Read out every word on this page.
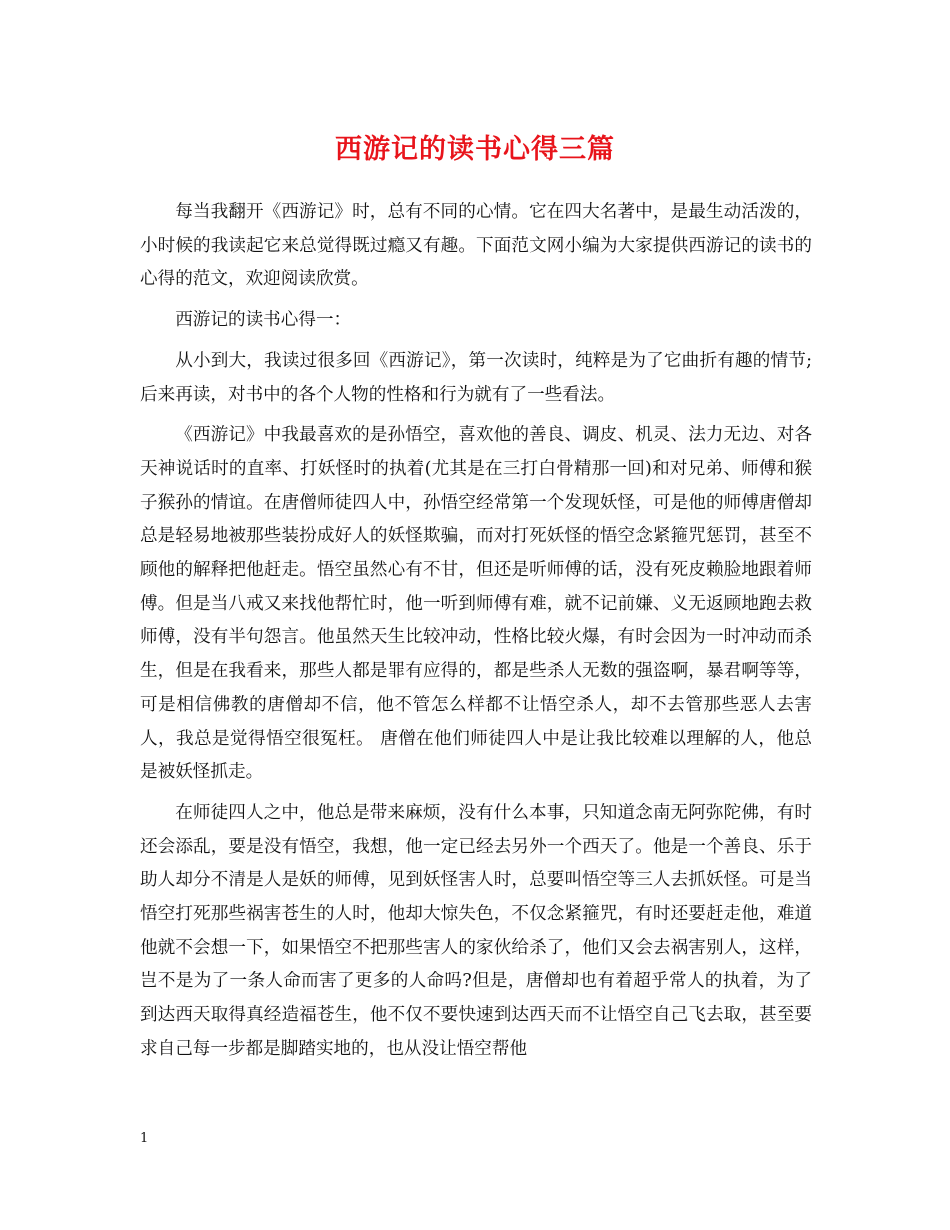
西游记的读书心得三篇

每当我翻开《西游记》时，总有不同的心情。它在四大名著中，是最生动活泼的，小时候的我读起它来总觉得既过瘾又有趣。下面范文网小编为大家提供西游记的读书的心得的范文，欢迎阅读欣赏。

西游记的读书心得一：

从小到大，我读过很多回《西游记》，第一次读时，纯粹是为了它曲折有趣的情节;后来再读，对书中的各个人物的性格和行为就有了一些看法。

《西游记》中我最喜欢的是孙悟空，喜欢他的善良、调皮、机灵、法力无边、对各天神说话时的直率、打妖怪时的执着(尤其是在三打白骨精那一回)和对兄弟、师傅和猴子猴孙的情谊。在唐僧师徒四人中，孙悟空经常第一个发现妖怪，可是他的师傅唐僧却总是轻易地被那些装扮成好人的妖怪欺骗，而对打死妖怪的悟空念紧箍咒惩罚，甚至不顾他的解释把他赶走。悟空虽然心有不甘，但还是听师傅的话，没有死皮赖脸地跟着师傅。但是当八戒又来找他帮忙时，他一听到师傅有难，就不记前嫌、义无返顾地跑去救师傅，没有半句怨言。他虽然天生比较冲动，性格比较火爆，有时会因为一时冲动而杀生，但是在我看来，那些人都是罪有应得的，都是些杀人无数的强盗啊，暴君啊等等，可是相信佛教的唐僧却不信，他不管怎么样都不让悟空杀人，却不去管那些恶人去害人，我总是觉得悟空很冤枉。 唐僧在他们师徒四人中是让我比较难以理解的人，他总是被妖怪抓走。

在师徒四人之中，他总是带来麻烦，没有什么本事，只知道念南无阿弥陀佛，有时还会添乱，要是没有悟空，我想，他一定已经去另外一个西天了。他是一个善良、乐于助人却分不清是人是妖的师傅，见到妖怪害人时，总要叫悟空等三人去抓妖怪。可是当悟空打死那些祸害苍生的人时，他却大惊失色，不仅念紧箍咒，有时还要赶走他，难道他就不会想一下，如果悟空不把那些害人的家伙给杀了，他们又会去祸害别人，这样，岂不是为了一条人命而害了更多的人命吗?但是，唐僧却也有着超乎常人的执着，为了到达西天取得真经造福苍生，他不仅不要快速到达西天而不让悟空自己飞去取，甚至要求自己每一步都是脚踏实地的，也从没让悟空帮他

1
